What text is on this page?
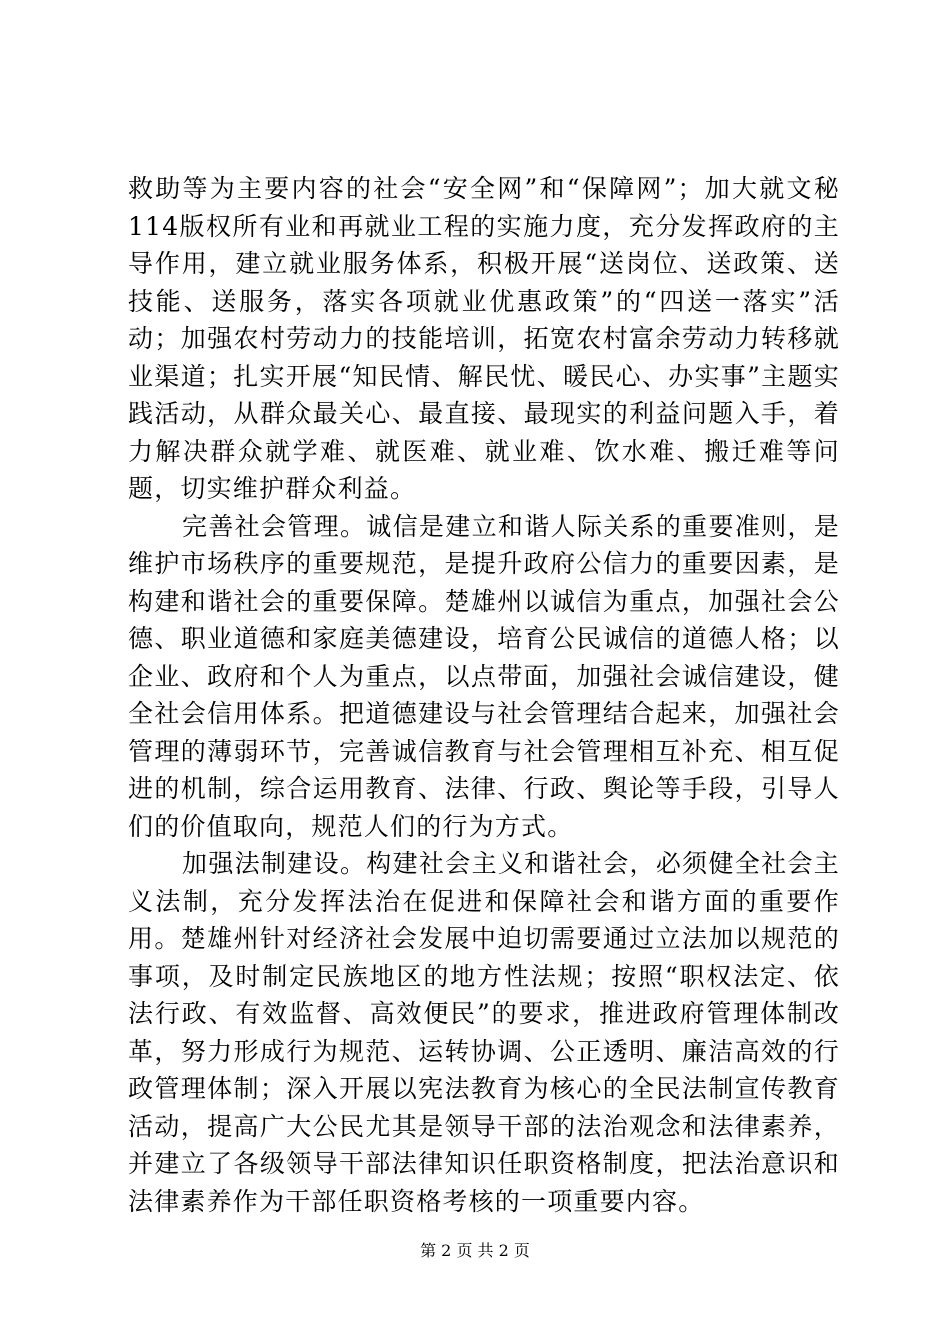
救助等为主要内容的社会“安全网”和“保障网”；加大就文秘114版权所有业和再就业工程的实施力度，充分发挥政府的主导作用，建立就业服务体系，积极开展“送岗位、送政策、送技能、送服务，落实各项就业优惠政策”的“四送一落实”活动；加强农村劳动力的技能培训，拓宽农村富余劳动力转移就业渠道；扎实开展“知民情、解民忧、暖民心、办实事”主题实践活动，从群众最关心、最直接、最现实的利益问题入手，着力解决群众就学难、就医难、就业难、饮水难、搬迁难等问题，切实维护群众利益。

完善社会管理。诚信是建立和谐人际关系的重要准则，是维护市场秩序的重要规范，是提升政府公信力的重要因素，是构建和谐社会的重要保障。楚雄州以诚信为重点，加强社会公德、职业道德和家庭美德建设，培育公民诚信的道德人格；以企业、政府和个人为重点，以点带面，加强社会诚信建设，健全社会信用体系。把道德建设与社会管理结合起来，加强社会管理的薄弱环节，完善诚信教育与社会管理相互补充、相互促进的机制，综合运用教育、法律、行政、舆论等手段，引导人们的价值取向，规范人们的行为方式。

加强法制建设。构建社会主义和谐社会，必须健全社会主义法制，充分发挥法治在促进和保障社会和谐方面的重要作用。楚雄州针对经济社会发展中迫切需要通过立法加以规范的事项，及时制定民族地区的地方性法规；按照“职权法定、依法行政、有效监督、高效便民”的要求，推进政府管理体制改革，努力形成行为规范、运转协调、公正透明、廉洁高效的行政管理体制；深入开展以宪法教育为核心的全民法制宣传教育活动，提高广大公民尤其是领导干部的法治观念和法律素养，并建立了各级领导干部法律知识任职资格制度，把法治意识和法律素养作为干部任职资格考核的一项重要内容。

第 2 页 共 2 页
